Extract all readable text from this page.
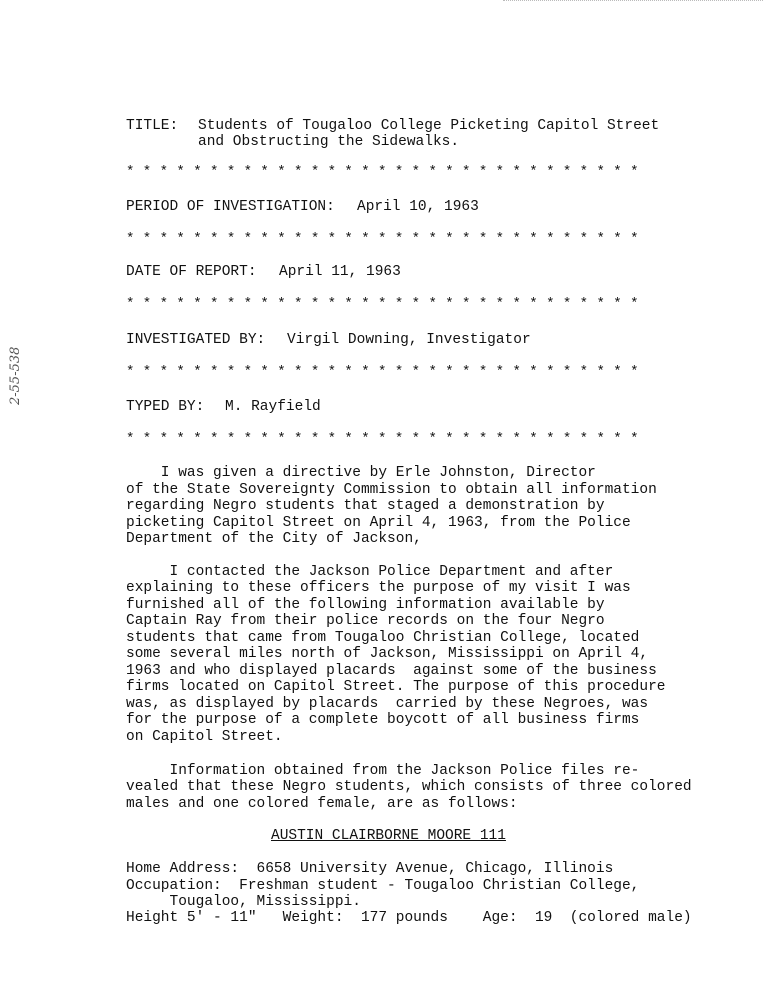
2-55-538
TITLE: Students of Tougaloo College Picketing Capitol Street
and Obstructing the Sidewalks.
* * * * * * * * * * * * * * * * * * * * * * * * * * * * * * *
PERIOD OF INVESTIGATION: April 10, 1963
* * * * * * * * * * * * * * * * * * * * * * * * * * * * * * *
DATE OF REPORT: April 11, 1963
* * * * * * * * * * * * * * * * * * * * * * * * * * * * * * *
INVESTIGATED BY: Virgil Downing, Investigator
* * * * * * * * * * * * * * * * * * * * * * * * * * * * * * *
TYPED BY: M. Rayfield
* * * * * * * * * * * * * * * * * * * * * * * * * * * * * * *
I was given a directive by Erle Johnston, Director
of the State Sovereignty Commission to obtain all information
regarding Negro students that staged a demonstration by
picketing Capitol Street on April 4, 1963, from the Police
Department of the City of Jackson,
I contacted the Jackson Police Department and after
explaining to these officers the purpose of my visit I was
furnished all of the following information available by
Captain Ray from their police records on the four Negro
students that came from Tougaloo Christian College, located
some several miles north of Jackson, Mississippi on April 4,
1963 and who displayed placards  against some of the business
firms located on Capitol Street. The purpose of this procedure
was, as displayed by placards  carried by these Negroes, was
for the purpose of a complete boycott of all business firms
on Capitol Street.
Information obtained from the Jackson Police files re-
vealed that these Negro students, which consists of three colored
males and one colored female, are as follows:
AUSTIN CLAIRBORNE MOORE 111
Home Address:  6658 University Avenue, Chicago, Illinois
Occupation:  Freshman student - Tougaloo Christian College,
Tougaloo, Mississippi.
Height 5' - 11"   Weight:  177 pounds    Age:  19  (colored male)
